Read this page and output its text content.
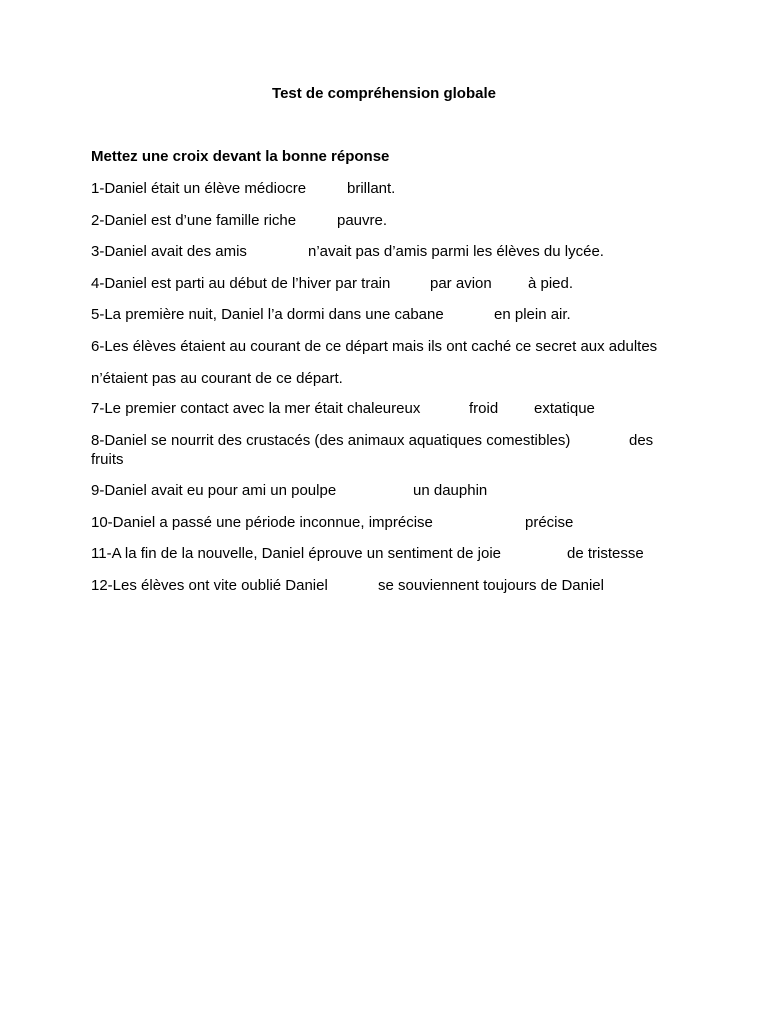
Test de compréhension globale
Mettez une croix devant la bonne réponse
1-Daniel était un élève médiocre	brillant.
2-Daniel est d’une famille riche	pauvre.
3-Daniel avait des amis	n’avait pas d’amis parmi les élèves du lycée.
4-Daniel est parti au début de l’hiver par train	par avion à pied.
5-La première nuit, Daniel l’a dormi dans une cabane	en plein air.
6-Les élèves étaient au courant de ce départ mais ils ont caché ce secret aux adultes
n’étaient pas au courant de ce départ.
7-Le premier contact avec la mer était chaleureux	froid extatique
8-Daniel se nourrit des crustacés (des animaux aquatiques comestibles)	des
fruits
9-Daniel avait eu pour ami un poulpe	un dauphin
10-Daniel a passé une période inconnue, imprécise	précise
11-A la fin de la nouvelle, Daniel éprouve un sentiment de joie	de tristesse
12-Les élèves ont vite oublié Daniel	se souviennent toujours de Daniel
